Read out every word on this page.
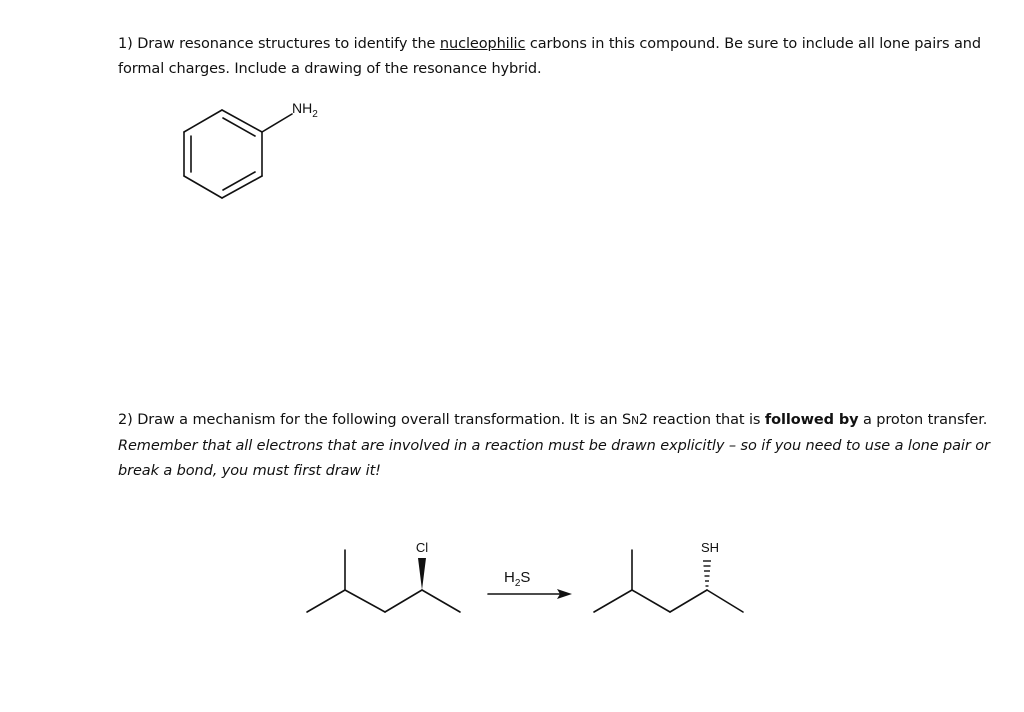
1) Draw resonance structures to identify the nucleophilic carbons in this compound. Be sure to include all lone pairs and formal charges. Include a drawing of the resonance hybrid.

$NH_2$

2) Draw a mechanism for the following overall transformation. It is an SN2 reaction that is followed by a proton transfer. Remember that all electrons that are involved in a reaction must be drawn explicitly – so if you need to use a lone pair or break a bond, you must first draw it!

Cl	SH
$H_2S$
